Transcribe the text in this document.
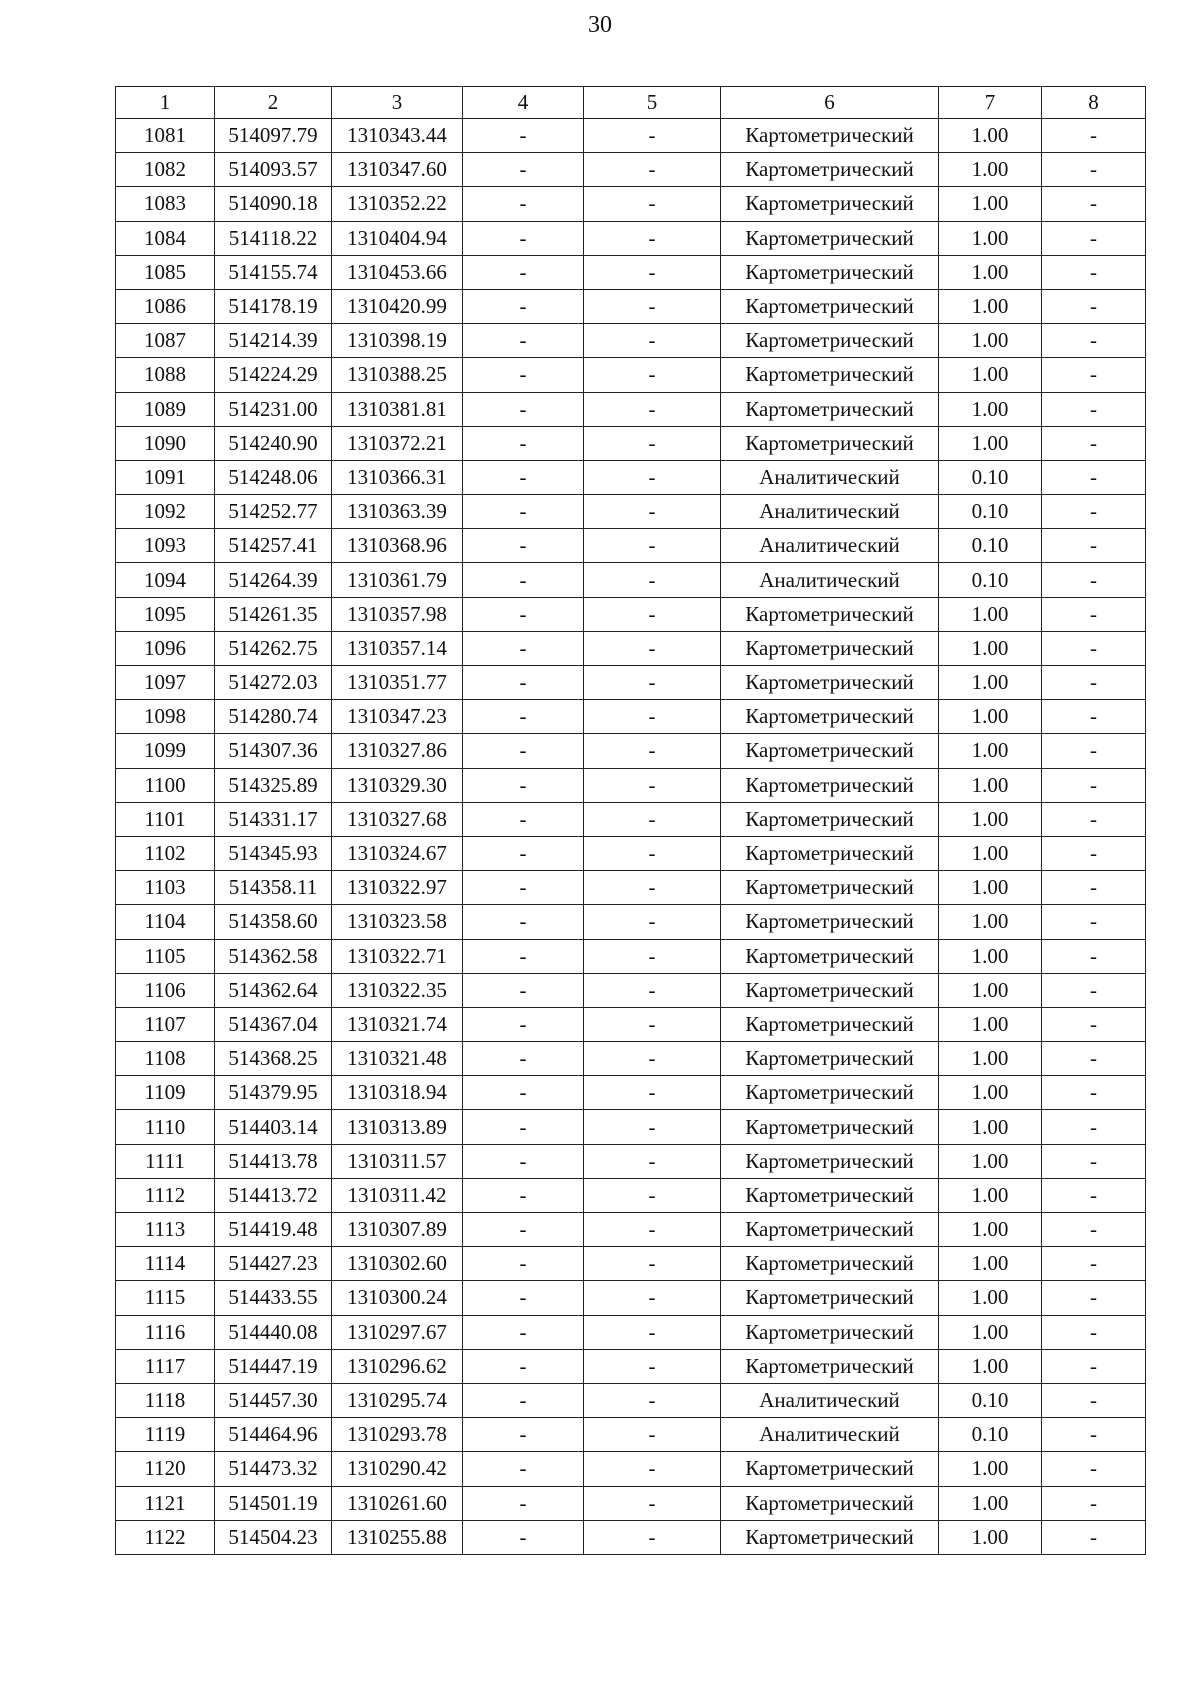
30
1	2	3	4	5	6	7	8
1081	514097.79	1310343.44	-	-	Картометрический	1.00	-
1082	514093.57	1310347.60	-	-	Картометрический	1.00	-
1083	514090.18	1310352.22	-	-	Картометрический	1.00	-
1084	514118.22	1310404.94	-	-	Картометрический	1.00	-
1085	514155.74	1310453.66	-	-	Картометрический	1.00	-
1086	514178.19	1310420.99	-	-	Картометрический	1.00	-
1087	514214.39	1310398.19	-	-	Картометрический	1.00	-
1088	514224.29	1310388.25	-	-	Картометрический	1.00	-
1089	514231.00	1310381.81	-	-	Картометрический	1.00	-
1090	514240.90	1310372.21	-	-	Картометрический	1.00	-
1091	514248.06	1310366.31	-	-	Аналитический	0.10	-
1092	514252.77	1310363.39	-	-	Аналитический	0.10	-
1093	514257.41	1310368.96	-	-	Аналитический	0.10	-
1094	514264.39	1310361.79	-	-	Аналитический	0.10	-
1095	514261.35	1310357.98	-	-	Картометрический	1.00	-
1096	514262.75	1310357.14	-	-	Картометрический	1.00	-
1097	514272.03	1310351.77	-	-	Картометрический	1.00	-
1098	514280.74	1310347.23	-	-	Картометрический	1.00	-
1099	514307.36	1310327.86	-	-	Картометрический	1.00	-
1100	514325.89	1310329.30	-	-	Картометрический	1.00	-
1101	514331.17	1310327.68	-	-	Картометрический	1.00	-
1102	514345.93	1310324.67	-	-	Картометрический	1.00	-
1103	514358.11	1310322.97	-	-	Картометрический	1.00	-
1104	514358.60	1310323.58	-	-	Картометрический	1.00	-
1105	514362.58	1310322.71	-	-	Картометрический	1.00	-
1106	514362.64	1310322.35	-	-	Картометрический	1.00	-
1107	514367.04	1310321.74	-	-	Картометрический	1.00	-
1108	514368.25	1310321.48	-	-	Картометрический	1.00	-
1109	514379.95	1310318.94	-	-	Картометрический	1.00	-
1110	514403.14	1310313.89	-	-	Картометрический	1.00	-
1111	514413.78	1310311.57	-	-	Картометрический	1.00	-
1112	514413.72	1310311.42	-	-	Картометрический	1.00	-
1113	514419.48	1310307.89	-	-	Картометрический	1.00	-
1114	514427.23	1310302.60	-	-	Картометрический	1.00	-
1115	514433.55	1310300.24	-	-	Картометрический	1.00	-
1116	514440.08	1310297.67	-	-	Картометрический	1.00	-
1117	514447.19	1310296.62	-	-	Картометрический	1.00	-
1118	514457.30	1310295.74	-	-	Аналитический	0.10	-
1119	514464.96	1310293.78	-	-	Аналитический	0.10	-
1120	514473.32	1310290.42	-	-	Картометрический	1.00	-
1121	514501.19	1310261.60	-	-	Картометрический	1.00	-
1122	514504.23	1310255.88	-	-	Картометрический	1.00	-
